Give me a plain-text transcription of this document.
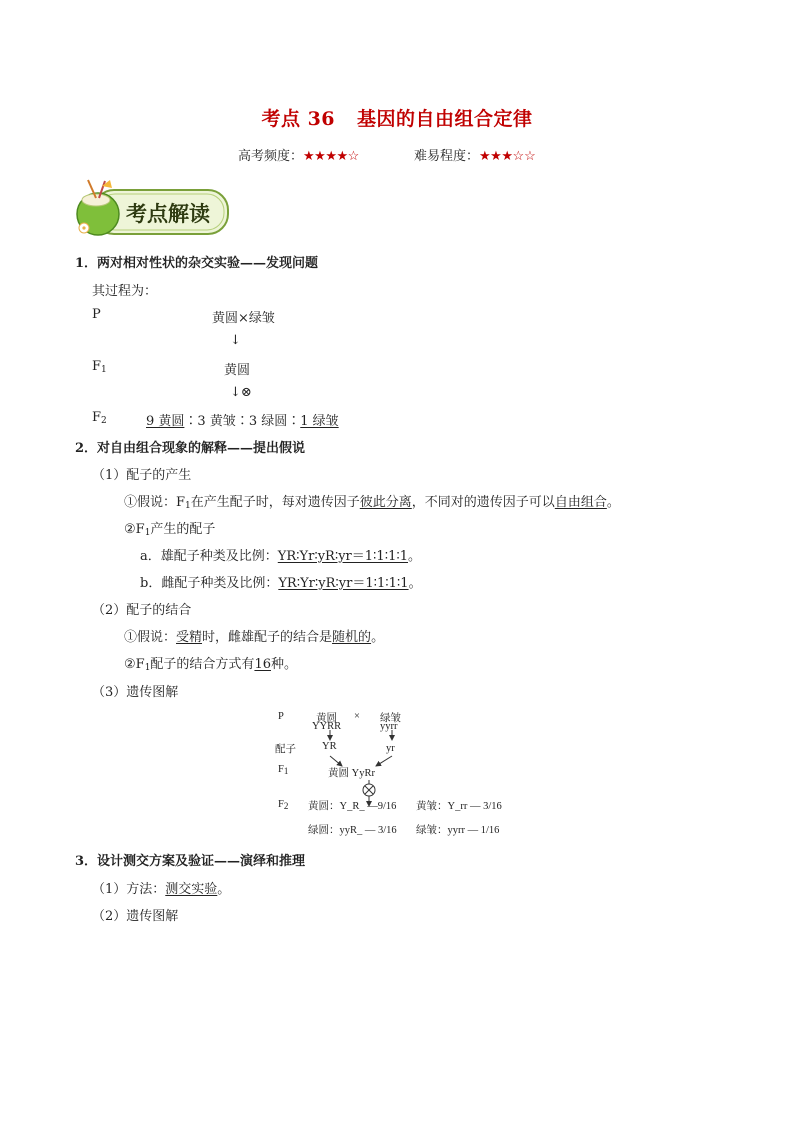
考点 36 基因的自由组合定律
高考频度：★★★★☆	难易程度：★★★☆☆
考点解读
1．两对相对性状的杂交实验——发现问题
其过程为：
P	黄圆×绿皱
↓
$F_1$	黄圆
↓⊗
$F_2$	9 黄圆∶3 黄皱∶3 绿圆∶1 绿皱
2．对自由组合现象的解释——提出假说
（1）配子的产生
①假说：$F_1$在产生配子时，每对遗传因子彼此分离，不同对的遗传因子可以自由组合。
$②F_1$产生的配子
a．雄配子种类及比例：YR∶Yr∶yR∶yr＝1∶1∶1∶1。
b．雌配子种类及比例：YR∶Yr∶yR∶yr＝1∶1∶1∶1。
（2）配子的结合
①假说：受精时，雌雄配子的结合是随机的。
$②F_1$配子的结合方式有16种。
（3）遗传图解
P	黄圆
YYRR
× 绿皱
yyrr
配子 YR	yr
$F_1$	黄圆 YyRr
$F_2$ 黄圆：Y_R_ —9/16 黄皱：Y_rr — 3/16
绿圆：yyR_ — 3/16 绿皱：yyrr — 1/16
3．设计测交方案及验证——演绎和推理
（1）方法：测交实验。
（2）遗传图解
